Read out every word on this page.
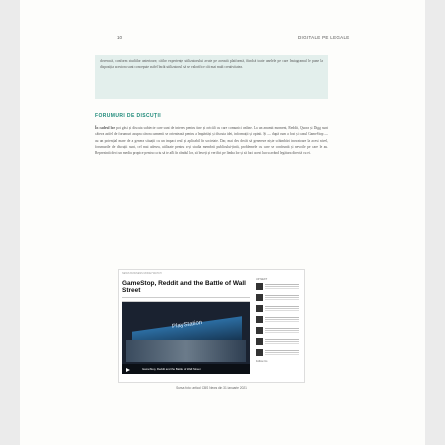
10	DIGITALE PE LEGALE

doveracă, conform studiilor anterioare, căilor experiențe utilizatorului avute pe această platformă, fiindcă toate unelele pe care Instagramul le pune la dispoziția acestora sunt concepute astfel încât utilizatorul să se valorifice cât mai mult creativitatea.

FORUMURI DE DISCUȚII

În cadrul lor pot găsi și discuta subiecte care sunt de interes pentru tine și oricăli cu care comunici online. La un anumit moment, Reddit, Quora și Digg sunt câteva astfel de forumuri asupra cărora oamenii se orientează pentru a împărtăși și discuta idei, informații și opinii. Și — după cum a fost și cazul GameStop — au un potențial mare de a genera situații cu un impact real și aplicabil în societate. Dar, mai des decât să genereze niște schimbări inovatoare la acest nivel, forumurile de discuții sunt, cel mai adesea, utilizate pentru a-și studia membrii publicului-țintă, problemele cu care se confruntă și nevoile pe care le au. Reprezintă deci un mediu propice pentru ca tu să te afli în rândul lor, să înveți și verifici pe limba lor și să faci acest lucru având legătura directă cu ei.

NEWS BUSINESS MONEYWATCH
GameStop, Reddit and the Battle of Wall Street
PlayStation
GameStop, Reddit and the Battle of Wall Street
UP NEXT
Follow Us
Sursa foto: articol CBS News din 31 ianuarie 2021
